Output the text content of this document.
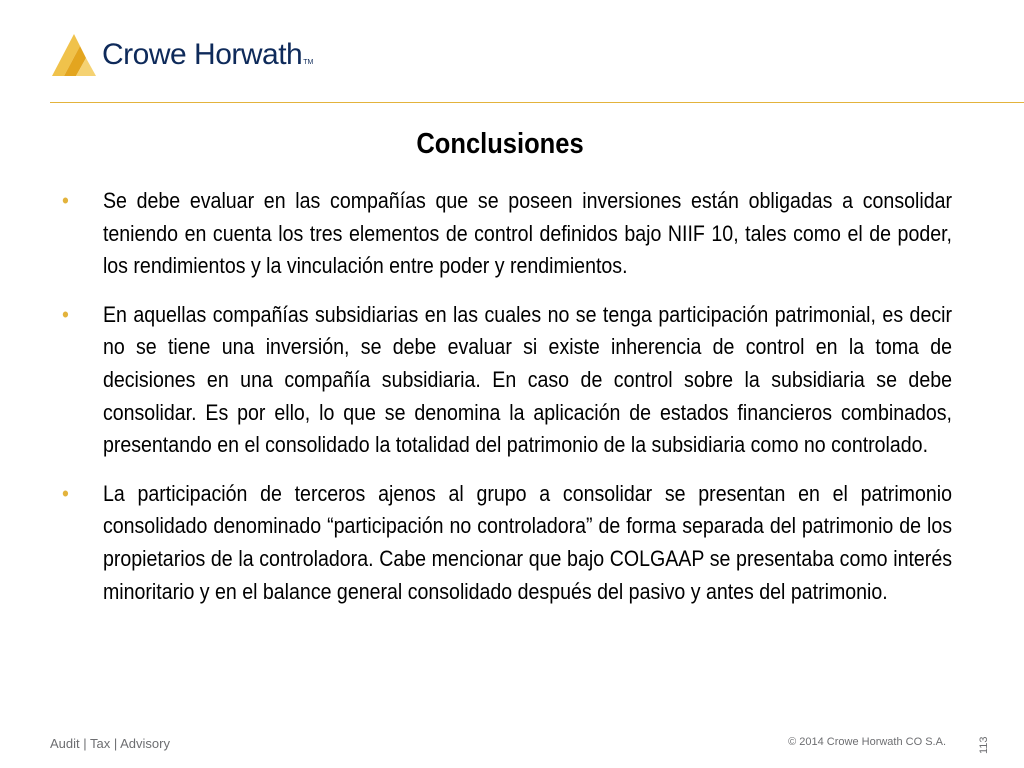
Crowe Horwath TM
Conclusiones
• Se debe evaluar en las compañías que se poseen inversiones están obligadas a consolidar teniendo en cuenta los tres elementos de control definidos bajo NIIF 10, tales como el de poder, los rendimientos y la vinculación entre poder y rendimientos.
• En aquellas compañías subsidiarias en las cuales no se tenga participación patrimonial, es decir no se tiene una inversión, se debe evaluar si existe inherencia de control en la toma de decisiones en una compañía subsidiaria. En caso de control sobre la subsidiaria se debe consolidar. Es por ello, lo que se denomina la aplicación de estados financieros combinados, presentando en el consolidado la totalidad del patrimonio de la subsidiaria como no controlado.
• La participación de terceros ajenos al grupo a consolidar se presentan en el patrimonio consolidado denominado “participación no controladora” de forma separada del patrimonio de los propietarios de la controladora. Cabe mencionar que bajo COLGAAP se presentaba como interés minoritario y en el balance general consolidado después del pasivo y antes del patrimonio.
Audit | Tax | Advisory	© 2014 Crowe Horwath CO S.A.	113
